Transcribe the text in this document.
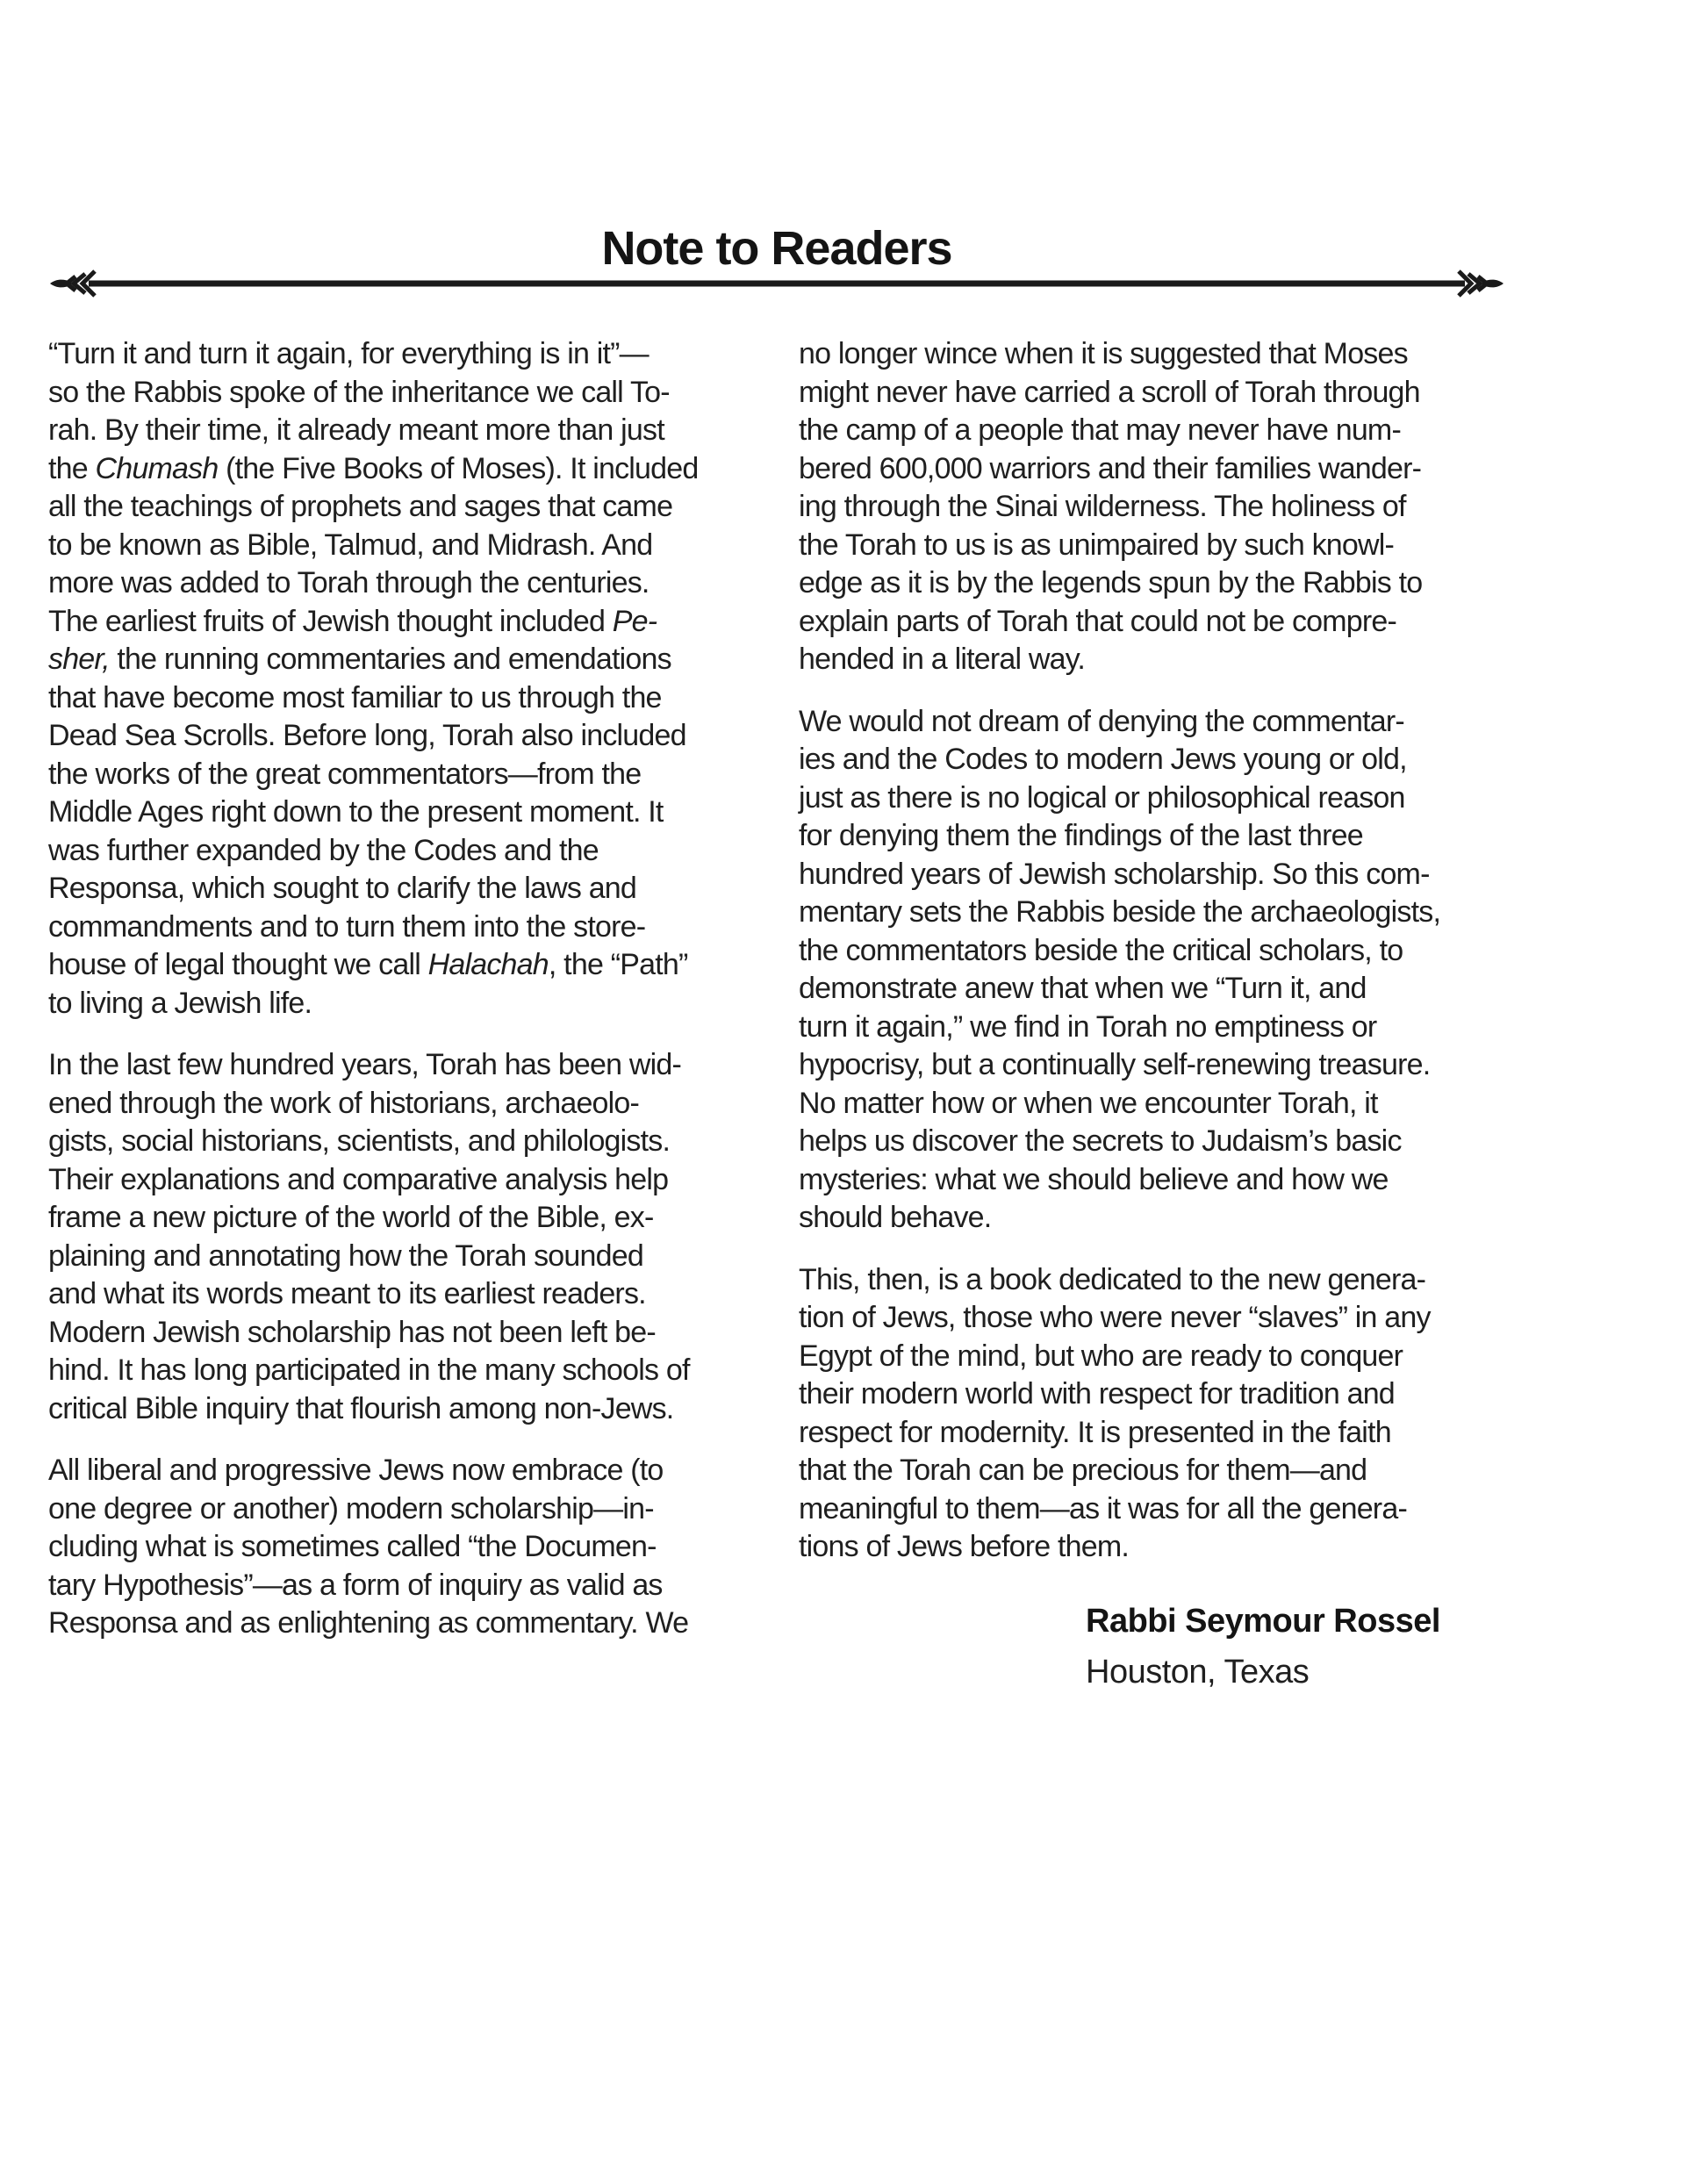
Note to Readers
“Turn it and turn it again, for everything is in it”—
so the Rabbis spoke of the inheritance we call To-
rah. By their time, it already meant more than just
the Chumash (the Five Books of Moses). It included
all the teachings of prophets and sages that came
to be known as Bible, Talmud, and Midrash. And
more was added to Torah through the centuries.
The earliest fruits of Jewish thought included Pe-
sher, the running commentaries and emendations
that have become most familiar to us through the
Dead Sea Scrolls. Before long, Torah also included
the works of the great commentators—from the
Middle Ages right down to the present moment. It
was further expanded by the Codes and the
Responsa, which sought to clarify the laws and
commandments and to turn them into the store-
house of legal thought we call Halachah, the “Path”
to living a Jewish life.
In the last few hundred years, Torah has been wid-
ened through the work of historians, archaeolo-
gists, social historians, scientists, and philologists.
Their explanations and comparative analysis help
frame a new picture of the world of the Bible, ex-
plaining and annotating how the Torah sounded
and what its words meant to its earliest readers.
Modern Jewish scholarship has not been left be-
hind. It has long participated in the many schools of
critical Bible inquiry that flourish among non-Jews.
All liberal and progressive Jews now embrace (to
one degree or another) modern scholarship—in-
cluding what is sometimes called “the Documen-
tary Hypothesis”—as a form of inquiry as valid as
Responsa and as enlightening as commentary. We
no longer wince when it is suggested that Moses
might never have carried a scroll of Torah through
the camp of a people that may never have num-
bered 600,000 warriors and their families wander-
ing through the Sinai wilderness. The holiness of
the Torah to us is as unimpaired by such knowl-
edge as it is by the legends spun by the Rabbis to
explain parts of Torah that could not be compre-
hended in a literal way.
We would not dream of denying the commentar-
ies and the Codes to modern Jews young or old,
just as there is no logical or philosophical reason
for denying them the findings of the last three
hundred years of Jewish scholarship. So this com-
mentary sets the Rabbis beside the archaeologists,
the commentators beside the critical scholars, to
demonstrate anew that when we “Turn it, and
turn it again,” we find in Torah no emptiness or
hypocrisy, but a continually self-renewing treasure.
No matter how or when we encounter Torah, it
helps us discover the secrets to Judaism’s basic
mysteries: what we should believe and how we
should behave.
This, then, is a book dedicated to the new genera-
tion of Jews, those who were never “slaves” in any
Egypt of the mind, but who are ready to conquer
their modern world with respect for tradition and
respect for modernity. It is presented in the faith
that the Torah can be precious for them—and
meaningful to them—as it was for all the genera-
tions of Jews before them.
Rabbi Seymour Rossel
Houston, Texas
